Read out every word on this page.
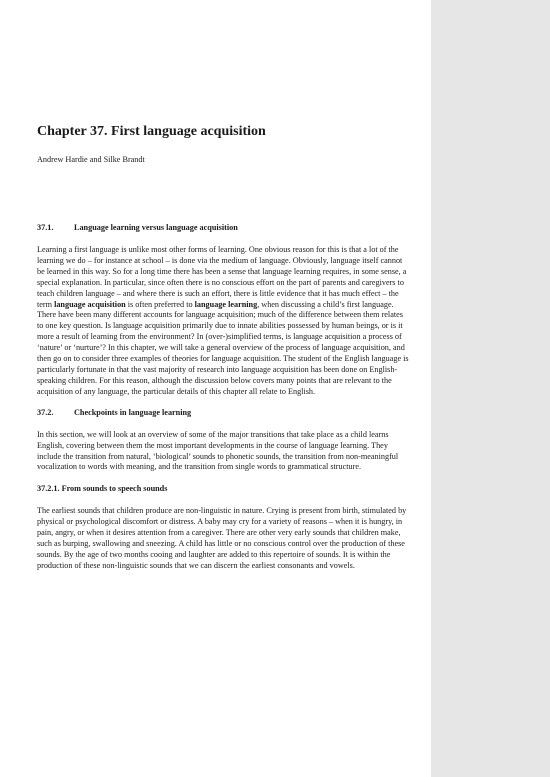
Chapter 37. First language acquisition

Andrew Hardie and Silke Brandt

37.1.	Language learning versus language acquisition

Learning a first language is unlike most other forms of learning. One obvious reason for this is that a lot of the learning we do – for instance at school – is done via the medium of language. Obviously, language itself cannot be learned in this way. So for a long time there has been a sense that language learning requires, in some sense, a special explanation. In particular, since often there is no conscious effort on the part of parents and caregivers to teach children language – and where there is such an effort, there is little evidence that it has much effect – the term language acquisition is often preferred to language learning, when discussing a child’s first language. There have been many different accounts for language acquisition; much of the difference between them relates to one key question. Is language acquisition primarily due to innate abilities possessed by human beings, or is it more a result of learning from the environment? In (over-)simplified terms, is language acquisition a process of ‘nature’ or ‘nurture’? In this chapter, we will take a general overview of the process of language acquisition, and then go on to consider three examples of theories for language acquisition. The student of the English language is particularly fortunate in that the vast majority of research into language acquisition has been done on English-speaking children. For this reason, although the discussion below covers many points that are relevant to the acquisition of any language, the particular details of this chapter all relate to English.

37.2.	Checkpoints in language learning

In this section, we will look at an overview of some of the major transitions that take place as a child learns English, covering between them the most important developments in the course of language learning. They include the transition from natural, ‘biological’ sounds to phonetic sounds, the transition from non-meaningful vocalization to words with meaning, and the transition from single words to grammatical structure.

37.2.1. From sounds to speech sounds

The earliest sounds that children produce are non-linguistic in nature. Crying is present from birth, stimulated by physical or psychological discomfort or distress. A baby may cry for a variety of reasons – when it is hungry, in pain, angry, or when it desires attention from a caregiver. There are other very early sounds that children make, such as burping, swallowing and sneezing. A child has little or no conscious control over the production of these sounds. By the age of two months cooing and laughter are added to this repertoire of sounds. It is within the production of these non-linguistic sounds that we can discern the earliest consonants and vowels.
